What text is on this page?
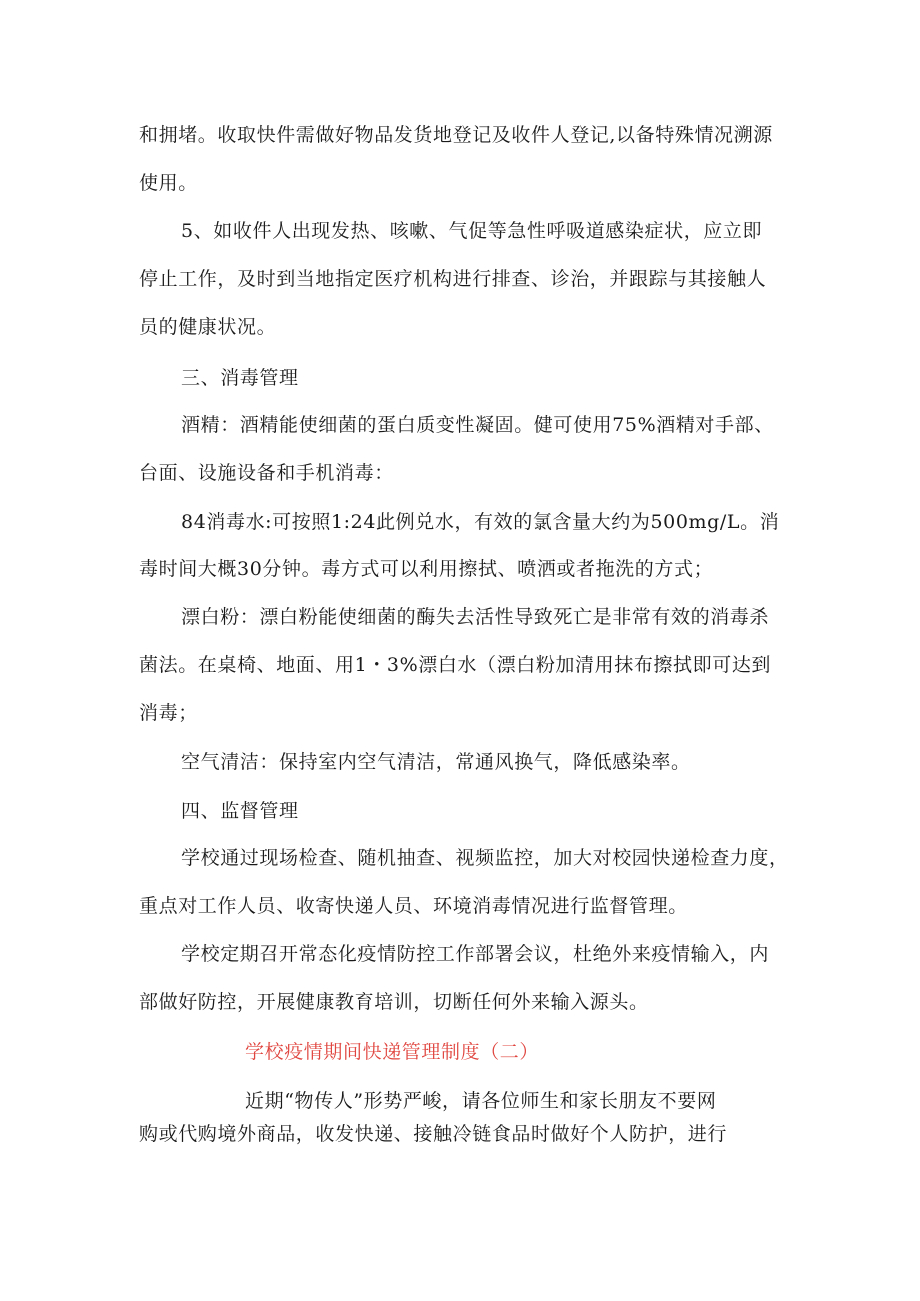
和拥堵。收取快件需做好物品发货地登记及收件人登记,以备特殊情况溯源
使用。
5、如收件人出现发热、咳嗽、气促等急性呼吸道感染症状，应立即
停止工作，及时到当地指定医疗机构进行排查、诊治，并跟踪与其接触人
员的健康状况。
三、消毒管理
酒精：酒精能使细菌的蛋白质变性凝固。健可使用75%酒精对手部、
台面、设施设备和手机消毒：
84消毒水:可按照1:24此例兑水，有效的氯含量大约为500mg/L。消
毒时间大概30分钟。毒方式可以利用擦拭、喷洒或者拖洗的方式；
漂白粉：漂白粉能使细菌的酶失去活性导致死亡是非常有效的消毒杀
菌法。在桌椅、地面、用1・3%漂白水（漂白粉加清用抹布擦拭即可达到
消毒；
空气清洁：保持室内空气清洁，常通风换气，降低感染率。
四、监督管理
学校通过现场检查、随机抽查、视频监控，加大对校园快递检查力度，
重点对工作人员、收寄快递人员、环境消毒情况进行监督管理。
学校定期召开常态化疫情防控工作部署会议，杜绝外来疫情输入，内
部做好防控，开展健康教育培训，切断任何外来输入源头。
学校疫情期间快递管理制度（二）
近期“物传人”形势严峻，请各位师生和家长朋友不要网
购或代购境外商品，收发快递、接触冷链食品时做好个人防护，进行
